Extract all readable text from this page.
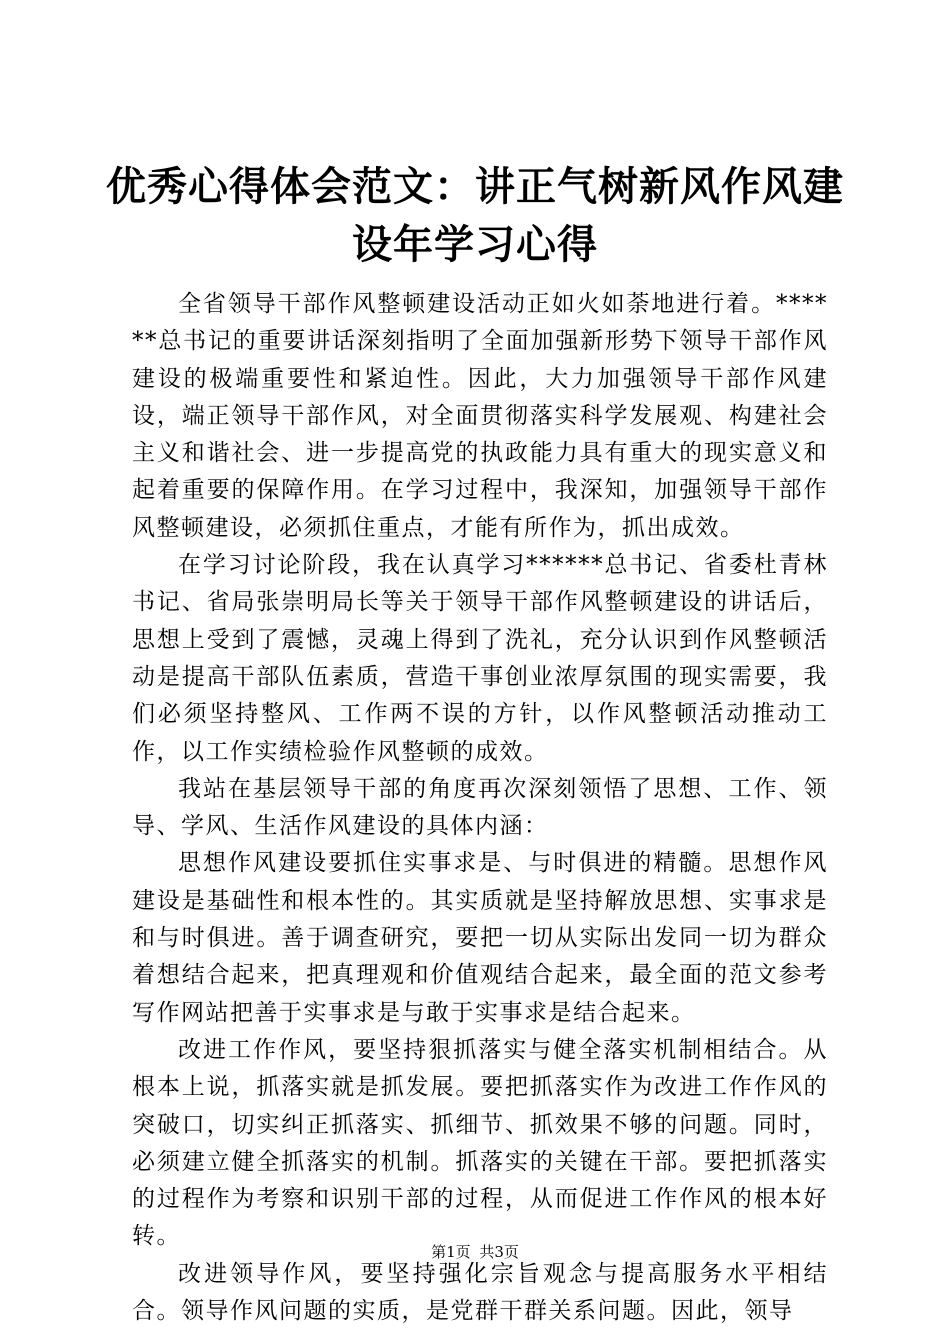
优秀心得体会范文：讲正气树新风作风建设年学习心得

全省领导干部作风整顿建设活动正如火如荼地进行着。******总书记的重要讲话深刻指明了全面加强新形势下领导干部作风建设的极端重要性和紧迫性。因此，大力加强领导干部作风建设，端正领导干部作风，对全面贯彻落实科学发展观、构建社会主义和谐社会、进一步提高党的执政能力具有重大的现实意义和起着重要的保障作用。在学习过程中，我深知，加强领导干部作风整顿建设，必须抓住重点，才能有所作为，抓出成效。

在学习讨论阶段，我在认真学习******总书记、省委杜青林书记、省局张崇明局长等关于领导干部作风整顿建设的讲话后，思想上受到了震憾，灵魂上得到了洗礼，充分认识到作风整顿活动是提高干部队伍素质，营造干事创业浓厚氛围的现实需要，我们必须坚持整风、工作两不误的方针，以作风整顿活动推动工作，以工作实绩检验作风整顿的成效。

我站在基层领导干部的角度再次深刻领悟了思想、工作、领导、学风、生活作风建设的具体内涵：

思想作风建设要抓住实事求是、与时俱进的精髓。思想作风建设是基础性和根本性的。其实质就是坚持解放思想、实事求是和与时俱进。善于调查研究，要把一切从实际出发同一切为群众着想结合起来，把真理观和价值观结合起来，最全面的范文参考写作网站把善于实事求是与敢于实事求是结合起来。

改进工作作风，要坚持狠抓落实与健全落实机制相结合。从根本上说，抓落实就是抓发展。要把抓落实作为改进工作作风的突破口，切实纠正抓落实、抓细节、抓效果不够的问题。同时，必须建立健全抓落实的机制。抓落实的关键在干部。要把抓落实的过程作为考察和识别干部的过程，从而促进工作作风的根本好转。

改进领导作风，要坚持强化宗旨观念与提高服务水平相结合。领导作风问题的实质，是党群干群关系问题。因此，领导

第1页 共3页
